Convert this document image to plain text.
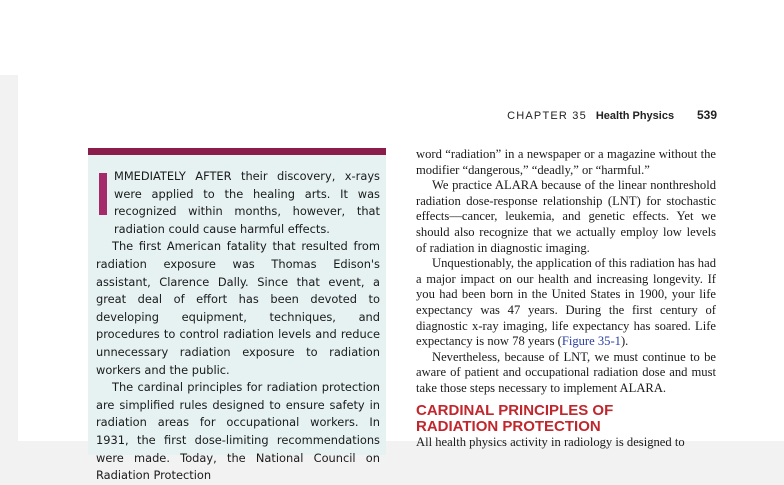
CHAPTER 35 Health Physics 539

MMEDIATELY AFTER their discovery, x-rays were applied to the healing arts. It was recognized within months, however, that radiation could cause harmful effects.

The first American fatality that resulted from radiation exposure was Thomas Edison's assistant, Clarence Dally. Since that event, a great deal of effort has been devoted to developing equipment, techniques, and procedures to control radiation levels and reduce unnecessary radiation exposure to radiation workers and the public.

The cardinal principles for radiation protection are simplified rules designed to ensure safety in radiation areas for occupational workers. In 1931, the first dose-limiting recommendations were made. Today, the National Council on Radiation Protection

word “radiation” in a newspaper or a magazine without the modifier “dangerous,” “deadly,” or “harmful.”

We practice ALARA because of the linear nonthreshold radiation dose-response relationship (LNT) for stochastic effects—cancer, leukemia, and genetic effects. Yet we should also recognize that we actually employ low levels of radiation in diagnostic imaging.

Unquestionably, the application of this radiation has had a major impact on our health and increasing longevity. If you had been born in the United States in 1900, your life expectancy was 47 years. During the first century of diagnostic x-ray imaging, life expectancy has soared. Life expectancy is now 78 years (Figure 35-1).

Nevertheless, because of LNT, we must continue to be aware of patient and occupational radiation dose and must take those steps necessary to implement ALARA.

CARDINAL PRINCIPLES OF
RADIATION PROTECTION

All health physics activity in radiology is designed to
